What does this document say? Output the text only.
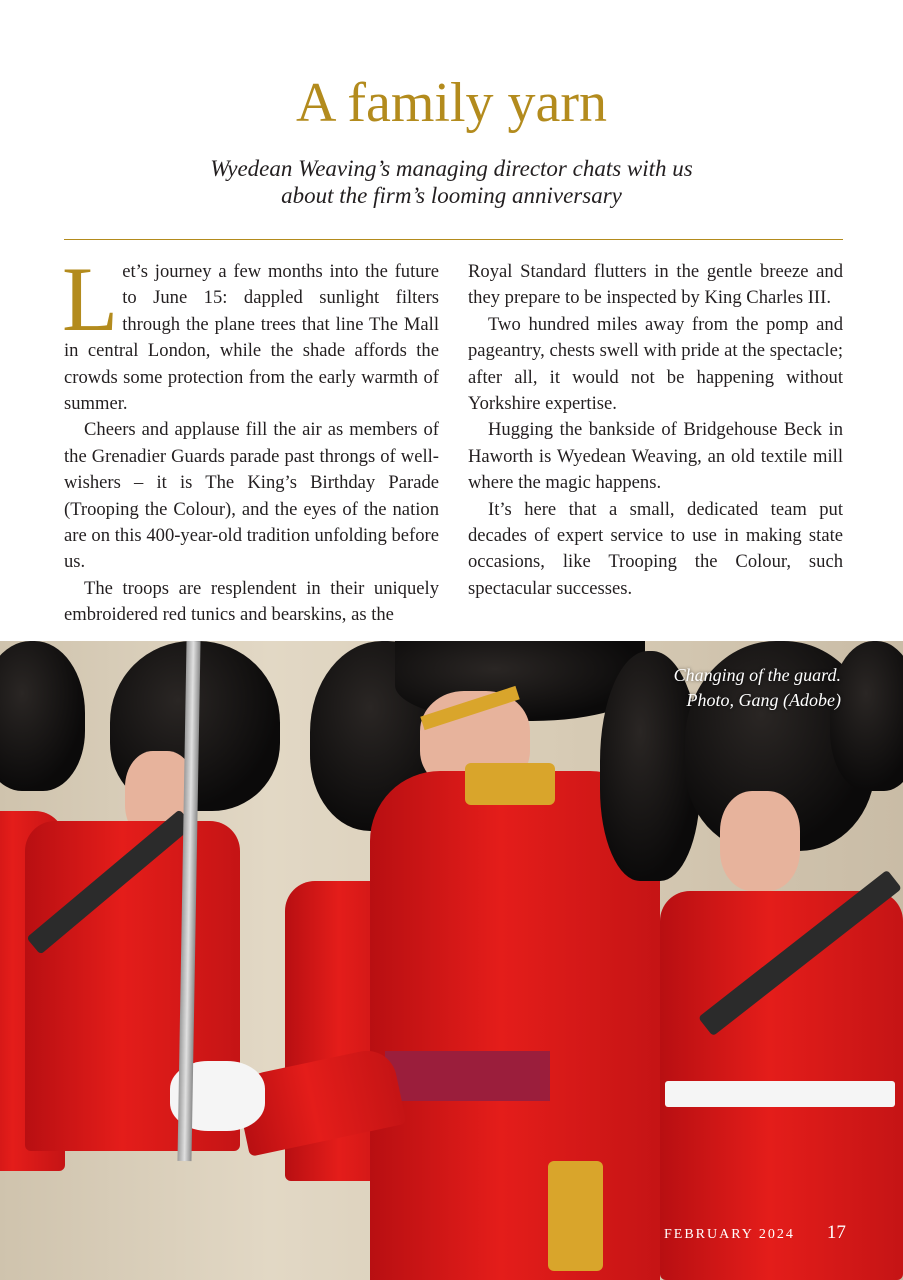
A family yarn
Wyedean Weaving’s managing director chats with us
about the firm’s looming anniversary

Let’s journey a few months into the future to June 15: dappled sunlight filters through the plane trees that line The Mall in central London, while the shade affords the crowds some protection from the early warmth of summer.

Cheers and applause fill the air as members of the Grenadier Guards parade past throngs of well-wishers – it is The King’s Birthday Parade (Trooping the Colour), and the eyes of the nation are on this 400-year-old tradition unfolding before us.

The troops are resplendent in their uniquely embroidered red tunics and bearskins, as the

Royal Standard flutters in the gentle breeze and they prepare to be inspected by King Charles III.

Two hundred miles away from the pomp and pageantry, chests swell with pride at the spectacle; after all, it would not be happening without Yorkshire expertise.

Hugging the bankside of Bridgehouse Beck in Haworth is Wyedean Weaving, an old textile mill where the magic happens.

It’s here that a small, dedicated team put decades of expert service to use in making state occasions, like Trooping the Colour, such spectacular successes.

Changing of the guard.
Photo, Gang (Adobe)
FEBRUARY 2024 17
